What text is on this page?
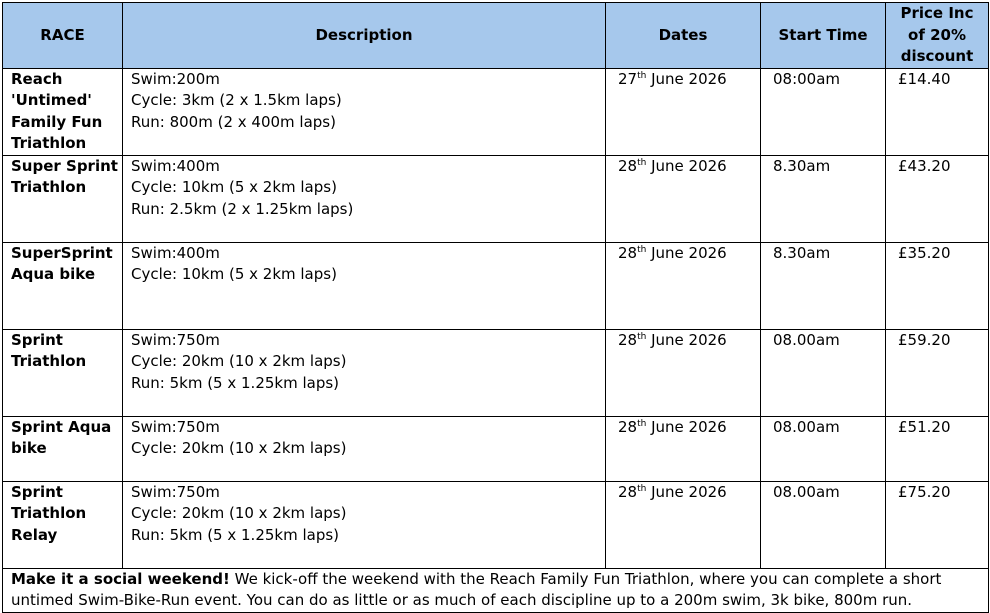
RACE	Description	Dates	Start Time	Price Inc
of 20%
discount

Reach
'Untimed'
Family Fun
Triathlon	Swim:200m
Cycle: 3km (2 x 1.5km laps)
Run: 800m (2 x 400m laps)	27th June 2026	08:00am	£14.40

Super Sprint
Triathlon	Swim:400m
Cycle: 10km (5 x 2km laps)
Run: 2.5km (2 x 1.25km laps)	28th June 2026	8.30am	£43.20

SuperSprint
Aqua bike	Swim:400m
Cycle: 10km (5 x 2km laps)	28th June 2026	8.30am	£35.20

Sprint
Triathlon	Swim:750m
Cycle: 20km (10 x 2km laps)
Run: 5km (5 x 1.25km laps)	28th June 2026	08.00am	£59.20

Sprint Aqua
bike	Swim:750m
Cycle: 20km (10 x 2km laps)	28th June 2026	08.00am	£51.20

Sprint
Triathlon
Relay	Swim:750m
Cycle: 20km (10 x 2km laps)
Run: 5km (5 x 1.25km laps)	28th June 2026	08.00am	£75.20
Make it a social weekend! We kick-off the weekend with the Reach Family Fun Triathlon, where you can complete a short untimed Swim-Bike-Run event. You can do as little or as much of each discipline up to a 200m swim, 3k bike, 800m run.				
